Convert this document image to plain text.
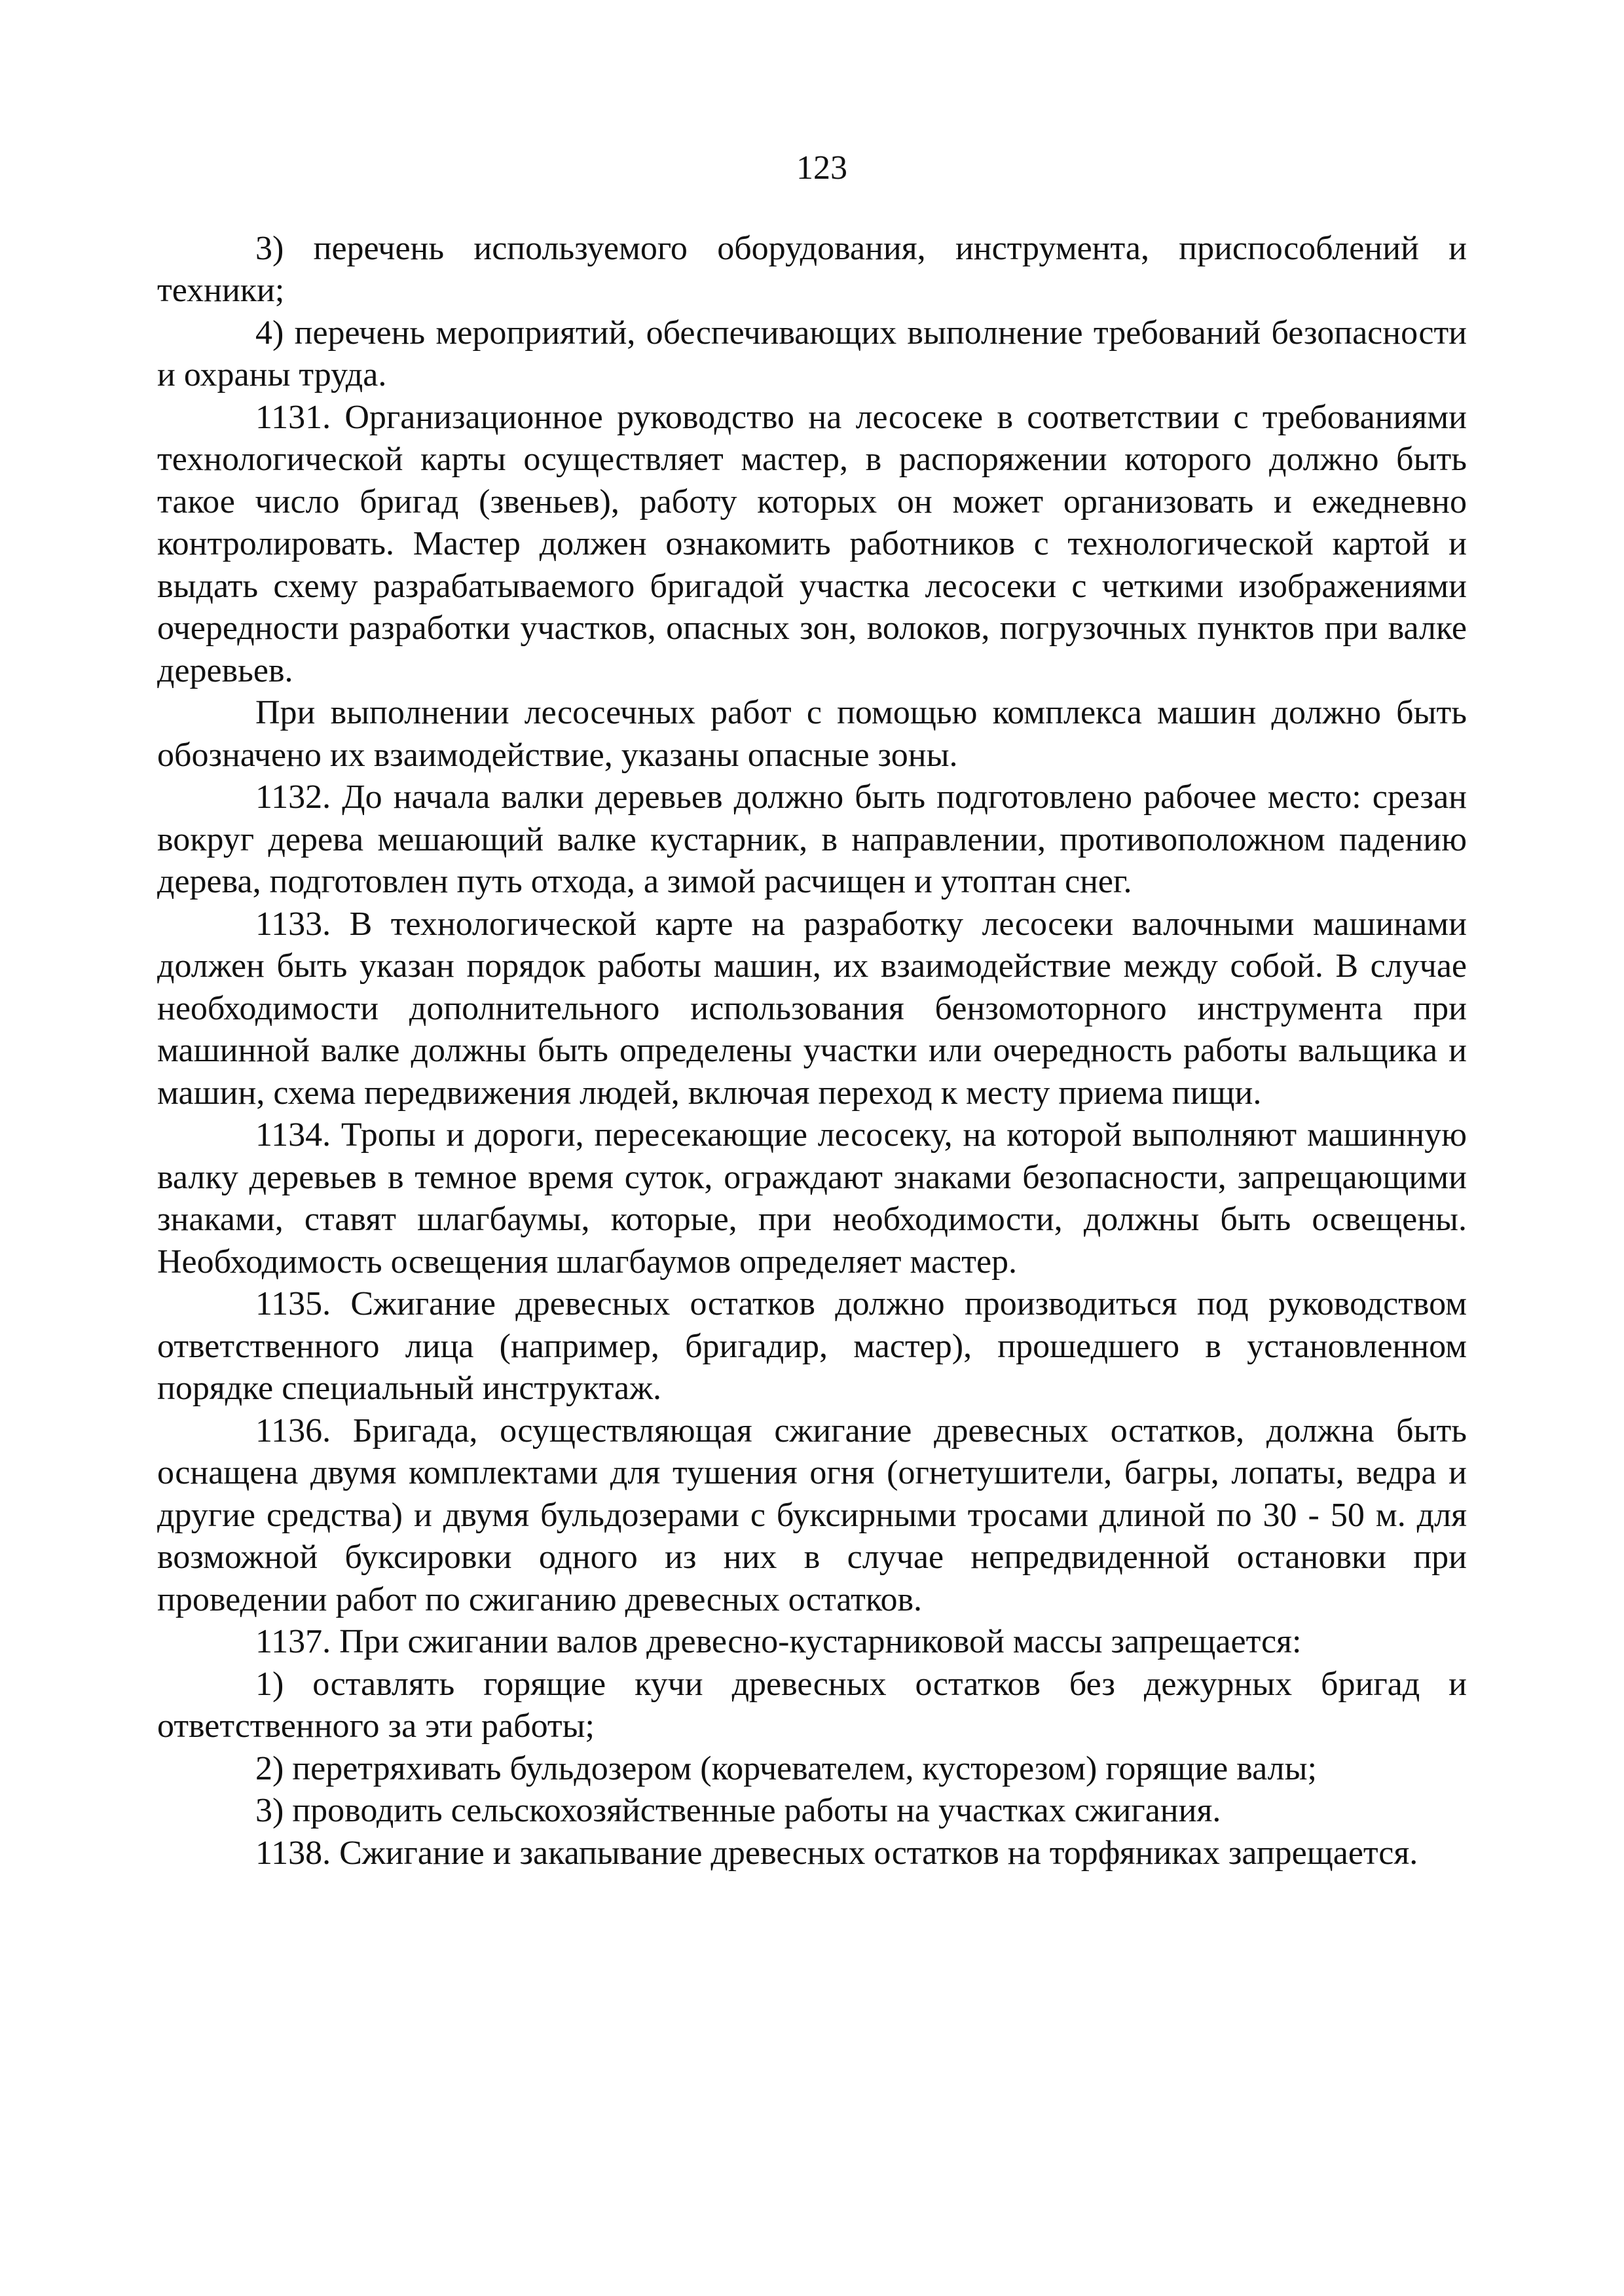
123

3) перечень используемого оборудования, инструмента, приспособлений и техники;

4) перечень мероприятий, обеспечивающих выполнение требований безопасности и охраны труда.

1131. Организационное руководство на лесосеке в соответствии с требованиями технологической карты осуществляет мастер, в распоряжении которого должно быть такое число бригад (звеньев), работу которых он может организовать и ежедневно контролировать. Мастер должен ознакомить работников с технологической картой и выдать схему разрабатываемого бригадой участка лесосеки с четкими изображениями очередности разработки участков, опасных зон, волоков, погрузочных пунктов при валке деревьев.

При выполнении лесосечных работ с помощью комплекса машин должно быть обозначено их взаимодействие, указаны опасные зоны.

1132. До начала валки деревьев должно быть подготовлено рабочее место: срезан вокруг дерева мешающий валке кустарник, в направлении, противоположном падению дерева, подготовлен путь отхода, а зимой расчищен и утоптан снег.

1133. В технологической карте на разработку лесосеки валочными машинами должен быть указан порядок работы машин, их взаимодействие между собой. В случае необходимости дополнительного использования бензомоторного инструмента при машинной валке должны быть определены участки или очередность работы вальщика и машин, схема передвижения людей, включая переход к месту приема пищи.

1134. Тропы и дороги, пересекающие лесосеку, на которой выполняют машинную валку деревьев в темное время суток, ограждают знаками безопасности, запрещающими знаками, ставят шлагбаумы, которые, при необходимости, должны быть освещены. Необходимость освещения шлагбаумов определяет мастер.

1135. Сжигание древесных остатков должно производиться под руководством ответственного лица (например, бригадир, мастер), прошедшего в установленном порядке специальный инструктаж.

1136. Бригада, осуществляющая сжигание древесных остатков, должна быть оснащена двумя комплектами для тушения огня (огнетушители, багры, лопаты, ведра и другие средства) и двумя бульдозерами с буксирными тросами длиной по 30 - 50 м. для возможной буксировки одного из них в случае непредвиденной остановки при проведении работ по сжиганию древесных остатков.

1137. При сжигании валов древесно-кустарниковой массы запрещается:

1) оставлять горящие кучи древесных остатков без дежурных бригад и ответственного за эти работы;

2) перетряхивать бульдозером (корчевателем, кусторезом) горящие валы;

3) проводить сельскохозяйственные работы на участках сжигания.

1138. Сжигание и закапывание древесных остатков на торфяниках запрещается.
